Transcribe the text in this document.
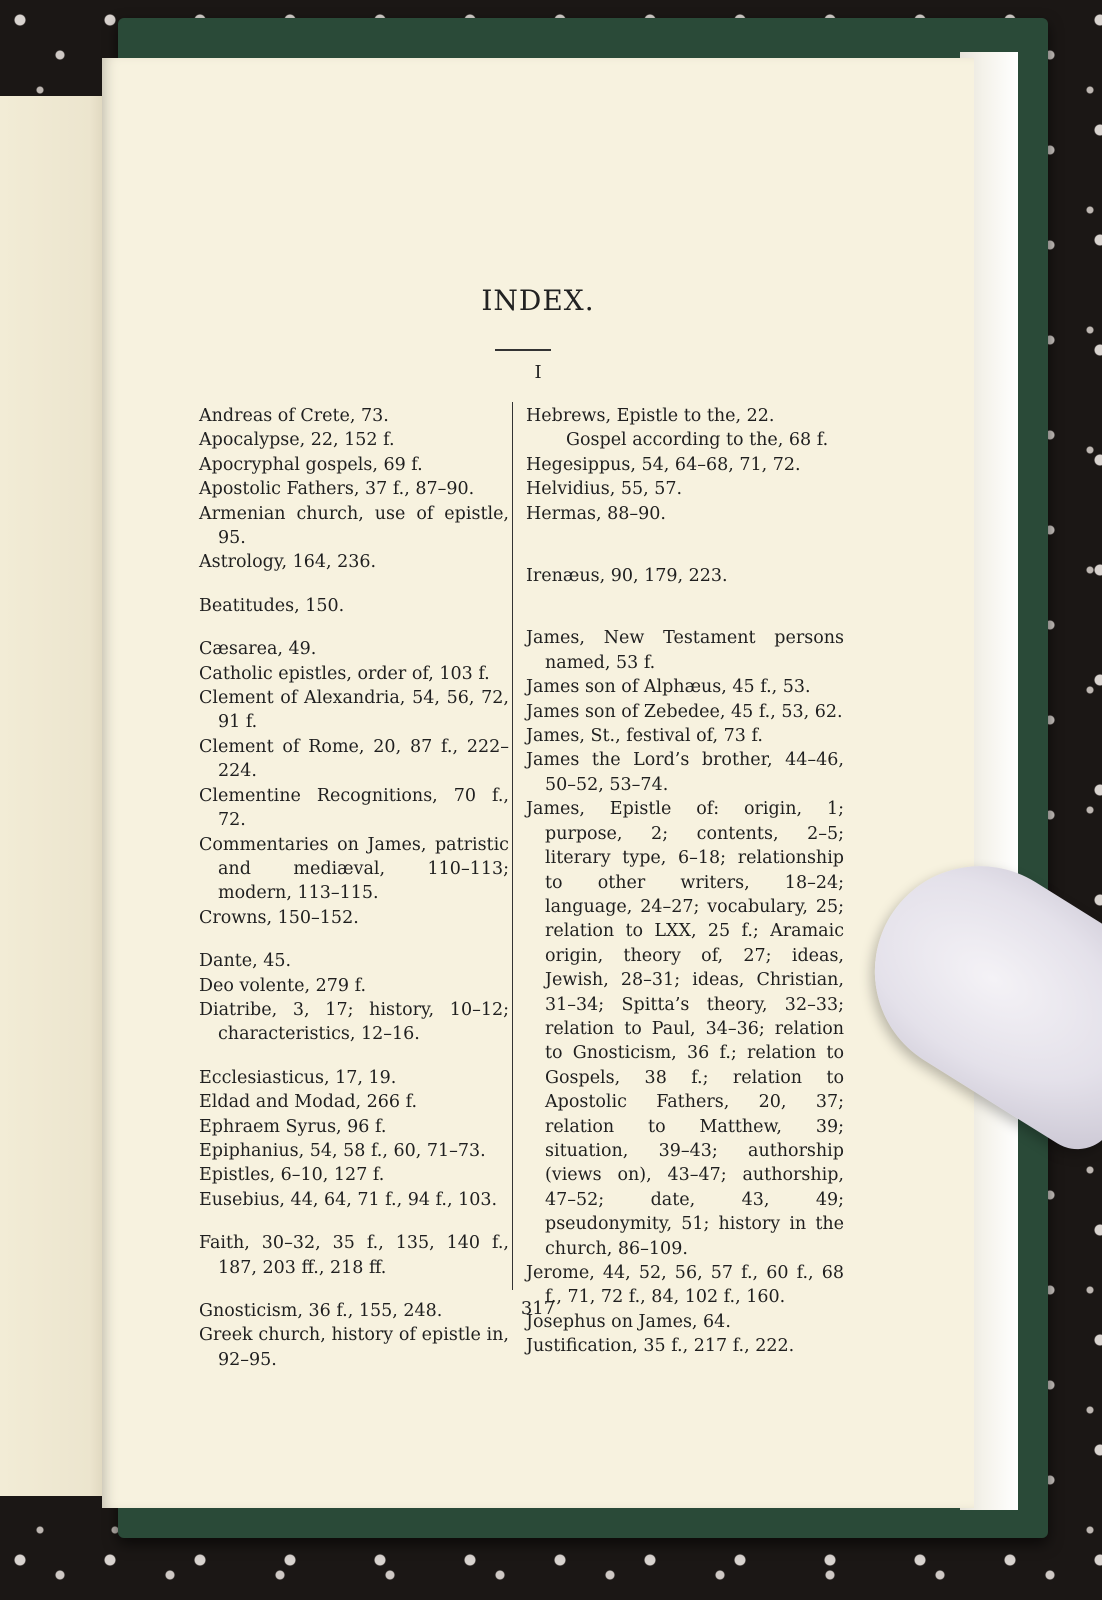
INDEX.
I
Andreas of Crete, 73.
Apocalypse, 22, 152 f.
Apocryphal gospels, 69 f.
Apostolic Fathers, 37 f., 87–90.
Armenian church, use of epistle, 95.
Astrology, 164, 236.
Beatitudes, 150.
Cæsarea, 49.
Catholic epistles, order of, 103 f.
Clement of Alexandria, 54, 56, 72, 91 f.
Clement of Rome, 20, 87 f., 222–224.
Clementine Recognitions, 70 f., 72.
Commentaries on James, patristic and mediæval, 110–113; modern, 113–115.
Crowns, 150–152.
Dante, 45.
Deo volente, 279 f.
Diatribe, 3, 17; history, 10–12; characteristics, 12–16.
Ecclesiasticus, 17, 19.
Eldad and Modad, 266 f.
Ephraem Syrus, 96 f.
Epiphanius, 54, 58 f., 60, 71–73.
Epistles, 6–10, 127 f.
Eusebius, 44, 64, 71 f., 94 f., 103.
Faith, 30–32, 35 f., 135, 140 f., 187, 203 ff., 218 ff.
Gnosticism, 36 f., 155, 248.
Greek church, history of epistle in, 92–95.
Hebrews, Epistle to the, 22.
Gospel according to the, 68 f.
Hegesippus, 54, 64–68, 71, 72.
Helvidius, 55, 57.
Hermas, 88–90.
Irenæus, 90, 179, 223.
James, New Testament persons named, 53 f.
James son of Alphæus, 45 f., 53.
James son of Zebedee, 45 f., 53, 62.
James, St., festival of, 73 f.
James the Lord’s brother, 44–46, 50–52, 53–74.
James, Epistle of: origin, 1; purpose, 2; contents, 2–5; literary type, 6–18; relationship to other writers, 18–24; language, 24–27; vocabulary, 25; relation to LXX, 25 f.; Aramaic origin, theory of, 27; ideas, Jewish, 28–31; ideas, Christian, 31–34; Spitta’s theory, 32–33; relation to Paul, 34–36; relation to Gnosticism, 36 f.; relation to Gospels, 38 f.; relation to Apostolic Fathers, 20, 37; relation to Matthew, 39; situation, 39–43; authorship (views on), 43–47; authorship, 47–52; date, 43, 49; pseudonymity, 51; history in the church, 86–109.
Jerome, 44, 52, 56, 57 f., 60 f., 68 f., 71, 72 f., 84, 102 f., 160.
Josephus on James, 64.
Justification, 35 f., 217 f., 222.
317
